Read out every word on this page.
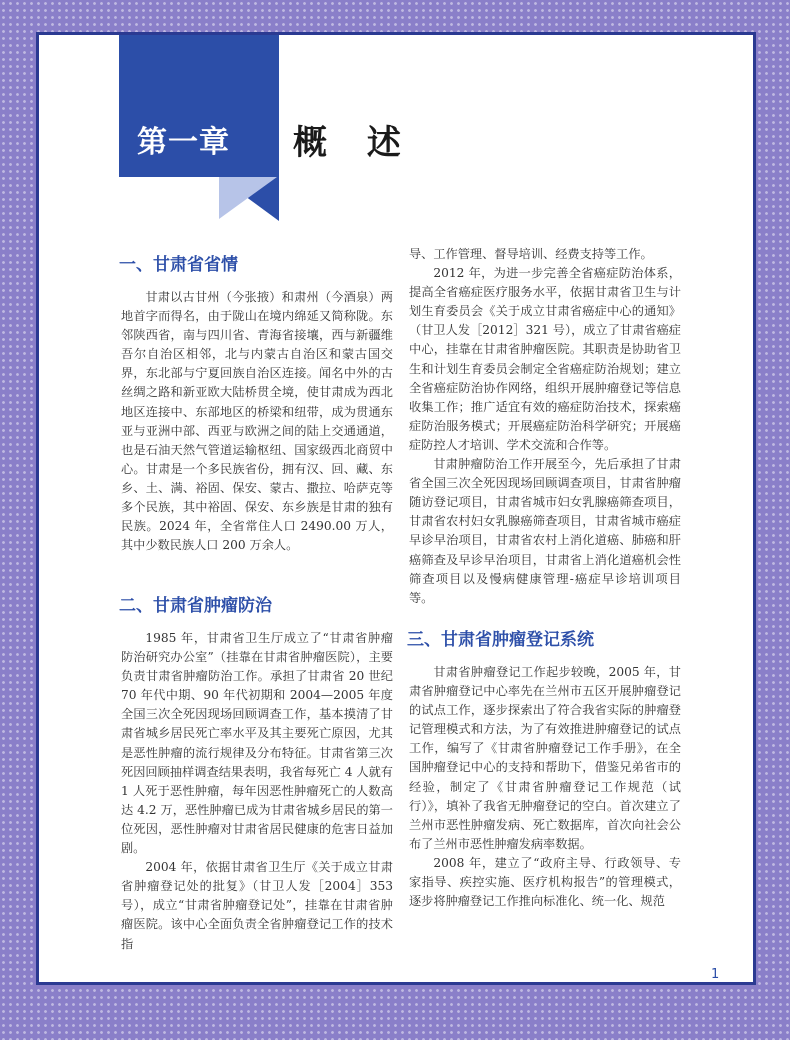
第一章 概 述
一、甘肃省省情

甘肃以古甘州（今张掖）和肃州（今酒泉）两地首字而得名，由于陇山在境内绵延又简称陇。东邻陕西省，南与四川省、青海省接壤，西与新疆维吾尔自治区相邻，北与内蒙古自治区和蒙古国交界，东北部与宁夏回族自治区连接。闻名中外的古丝绸之路和新亚欧大陆桥贯全境，使甘肃成为西北地区连接中、东部地区的桥梁和纽带，成为贯通东亚与亚洲中部、西亚与欧洲之间的陆上交通通道，也是石油天然气管道运输枢纽、国家级西北商贸中心。甘肃是一个多民族省份，拥有汉、回、藏、东乡、土、满、裕固、保安、蒙古、撒拉、哈萨克等多个民族，其中裕固、保安、东乡族是甘肃的独有民族。2024 年，全省常住人口 2490.00 万人，其中少数民族人口 200 万余人。

二、甘肃省肿瘤防治

1985 年，甘肃省卫生厅成立了“甘肃省肿瘤防治研究办公室”（挂靠在甘肃省肿瘤医院），主要负责甘肃省肿瘤防治工作。承担了甘肃省 20 世纪 70 年代中期、90 年代初期和 2004—2005 年度全国三次全死因现场回顾调查工作，基本摸清了甘肃省城乡居民死亡率水平及其主要死亡原因，尤其是恶性肿瘤的流行规律及分布特征。甘肃省第三次死因回顾抽样调查结果表明，我省每死亡 4 人就有 1 人死于恶性肿瘤，每年因恶性肿瘤死亡的人数高达 4.2 万，恶性肿瘤已成为甘肃省城乡居民的第一位死因，恶性肿瘤对甘肃省居民健康的危害日益加剧。

2004 年，依据甘肃省卫生厅《关于成立甘肃省肿瘤登记处的批复》（甘卫人发［2004］353 号），成立“甘肃省肿瘤登记处”，挂靠在甘肃省肿瘤医院。该中心全面负责全省肿瘤登记工作的技术指

导、工作管理、督导培训、经费支持等工作。

2012 年，为进一步完善全省癌症防治体系，提高全省癌症医疗服务水平，依据甘肃省卫生与计划生育委员会《关于成立甘肃省癌症中心的通知》（甘卫人发［2012］321 号），成立了甘肃省癌症中心，挂靠在甘肃省肿瘤医院。其职责是协助省卫生和计划生育委员会制定全省癌症防治规划；建立全省癌症防治协作网络，组织开展肿瘤登记等信息收集工作；推广适宜有效的癌症防治技术，探索癌症防治服务模式；开展癌症防治科学研究；开展癌症防控人才培训、学术交流和合作等。

甘肃肿瘤防治工作开展至今，先后承担了甘肃省全国三次全死因现场回顾调查项目，甘肃省肿瘤随访登记项目，甘肃省城市妇女乳腺癌筛查项目，甘肃省农村妇女乳腺癌筛查项目，甘肃省城市癌症早诊早治项目，甘肃省农村上消化道癌、肺癌和肝癌筛查及早诊早治项目，甘肃省上消化道癌机会性筛查项目以及慢病健康管理-癌症早诊培训项目等。

三、甘肃省肿瘤登记系统

甘肃省肿瘤登记工作起步较晚，2005 年，甘肃省肿瘤登记中心率先在兰州市五区开展肿瘤登记的试点工作，逐步探索出了符合我省实际的肿瘤登记管理模式和方法，为了有效推进肿瘤登记的试点工作，编写了《甘肃省肿瘤登记工作手册》，在全国肿瘤登记中心的支持和帮助下，借鉴兄弟省市的经验，制定了《甘肃省肿瘤登记工作规范（试行）》，填补了我省无肿瘤登记的空白。首次建立了兰州市恶性肿瘤发病、死亡数据库，首次向社会公布了兰州市恶性肿瘤发病率数据。

2008 年，建立了“政府主导、行政领导、专家指导、疾控实施、医疗机构报告”的管理模式，逐步将肿瘤登记工作推向标准化、统一化、规范

1
